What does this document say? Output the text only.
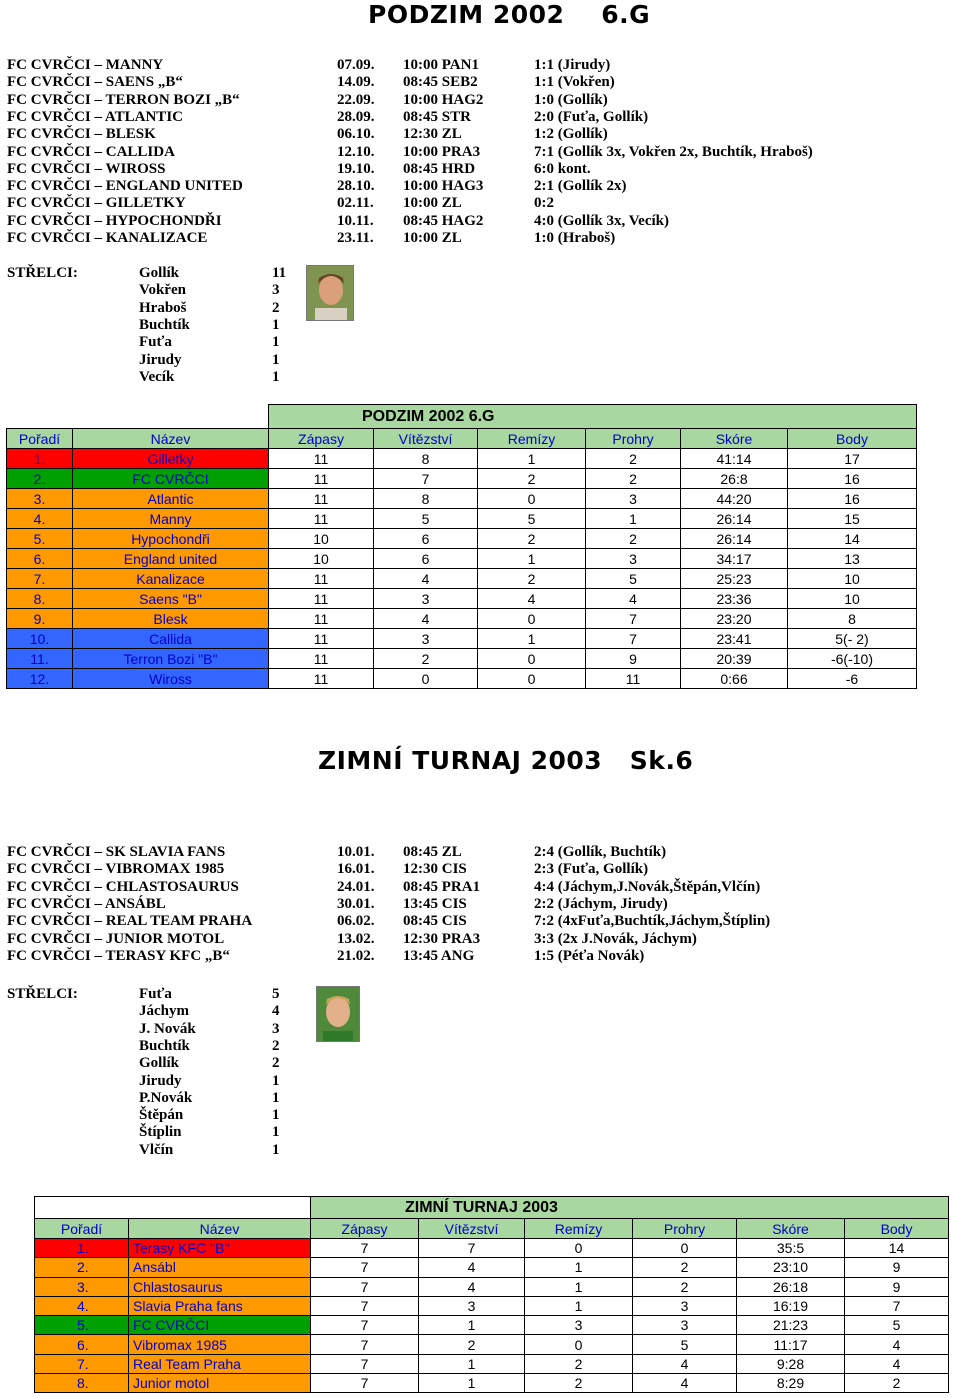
PODZIM 2002    6.G
FC CVRČCI – MANNY	07.09. 10:00 PAN1	1:1 (Jirudy)
FC CVRČCI – SAENS „B“	14.09. 08:45 SEB2	1:1 (Vokřen)
FC CVRČCI – TERRON BOZI „B“	22.09. 10:00 HAG2	1:0 (Gollík)
FC CVRČCI – ATLANTIC	28.09. 08:45 STR	2:0 (Fuťa, Gollík)
FC CVRČCI – BLESK	06.10. 12:30 ZL	1:2 (Gollík)
FC CVRČCI – CALLIDA	12.10. 10:00 PRA3	7:1 (Gollík 3x, Vokřen 2x, Buchtík, Hraboš)
FC CVRČCI – WIROSS	19.10. 08:45 HRD	6:0 kont.
FC CVRČCI – ENGLAND UNITED	28.10. 10:00 HAG3	2:1 (Gollík 2x)
FC CVRČCI – GILLETKY	02.11. 10:00 ZL	0:2
FC CVRČCI – HYPOCHONDŘI	10.11. 08:45 HAG2	4:0 (Gollík 3x, Vecík)
FC CVRČCI – KANALIZACE	23.11. 10:00 ZL	1:0 (Hraboš)
STŘELCI:	Gollík	11
Vokřen	3
Hraboš	2
Buchtík	1
Fuťa	1
Jirudy	1
Vecík	1
		PODZIM 2002 6.G					
Pořadí	Název	Zápasy	Vítězství	Remízy	Prohry	Skóre	Body
1.	Gilletky	11	8	1	2	41:14	17
2.	FC CVRČCI	11	7	2	2	26:8	16
3.	Atlantic	11	8	0	3	44:20	16
4.	Manny	11	5	5	1	26:14	15
5.	Hypochondři	10	6	2	2	26:14	14
6.	England united	10	6	1	3	34:17	13
7.	Kanalizace	11	4	2	5	25:23	10
8.	Saens "B"	11	3	4	4	23:36	10
9.	Blesk	11	4	0	7	23:20	8
10.	Callida	11	3	1	7	23:41	5(- 2)
11.	Terron Bozi "B"	11	2	0	9	20:39	-6(-10)
12.	Wiross	11	0	0	11	0:66	-6
ZIMNÍ TURNAJ 2003   Sk.6
FC CVRČCI – SK SLAVIA FANS	10.01. 08:45 ZL	2:4 (Gollík, Buchtík)
FC CVRČCI – VIBROMAX 1985	16.01. 12:30 CIS	2:3 (Fuťa, Gollík)
FC CVRČCI – CHLASTOSAURUS	24.01. 08:45 PRA1	4:4 (Jáchym,J.Novák,Štěpán,Vlčín)
FC CVRČCI – ANSÁBL	30.01. 13:45 CIS	2:2 (Jáchym, Jirudy)
FC CVRČCI – REAL TEAM PRAHA	06.02. 08:45 CIS	7:2 (4xFuťa,Buchtík,Jáchym,Štíplin)
FC CVRČCI – JUNIOR MOTOL	13.02. 12:30 PRA3	3:3 (2x J.Novák, Jáchym)
FC CVRČCI – TERASY KFC „B“	21.02. 13:45 ANG	1:5 (Péťa Novák)
STŘELCI:	Fuťa	5
Jáchym	4
J. Novák	3
Buchtík	2
Gollík	2
Jirudy	1
P.Novák	1
Štěpán	1
Štíplin	1
Vlčín	1
		ZIMNÍ TURNAJ 2003					
Pořadí	Název	Zápasy	Vítězství	Remízy	Prohry	Skóre	Body
1.	Terasy KFC "B"	7	7	0	0	35:5	14
2.	Ansábl	7	4	1	2	23:10	9
3.	Chlastosaurus	7	4	1	2	26:18	9
4.	Slavia Praha fans	7	3	1	3	16:19	7
5.	FC CVRČCI	7	1	3	3	21:23	5
6.	Vibromax 1985	7	2	0	5	11:17	4
7.	Real Team Praha	7	1	2	4	9:28	4
8.	Junior motol	7	1	2	4	8:29	2
